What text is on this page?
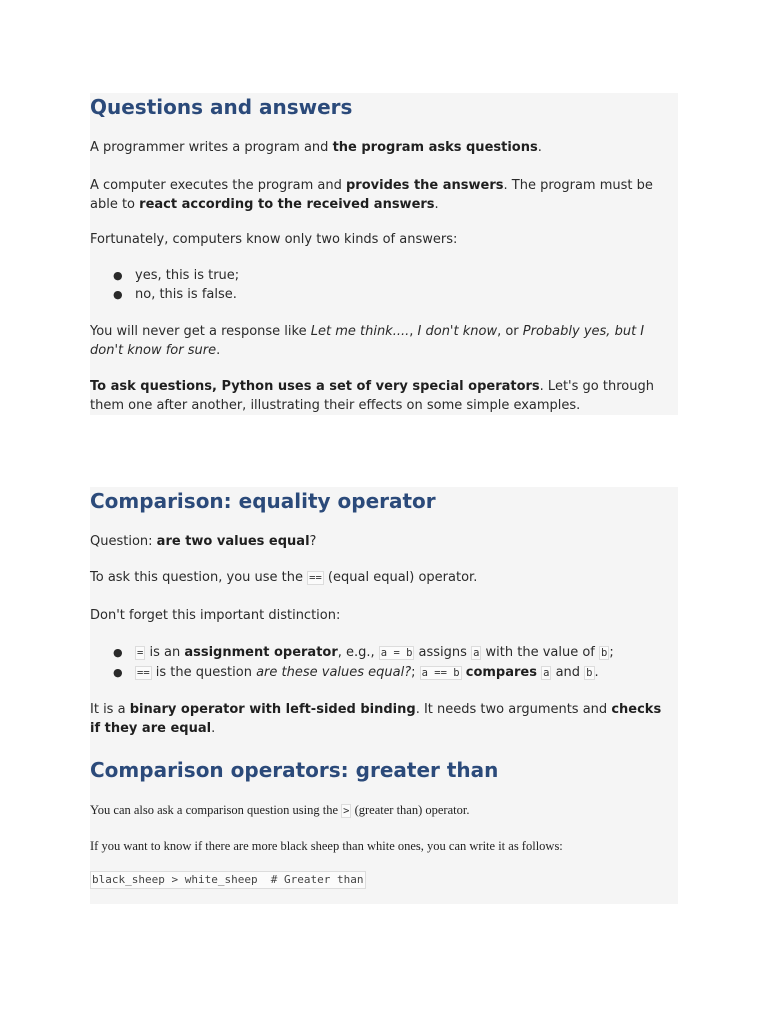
Questions and answers

A programmer writes a program and the program asks questions.

A computer executes the program and provides the answers. The program must be able to react according to the received answers.

Fortunately, computers know only two kinds of answers:

● yes, this is true;
● no, this is false.

You will never get a response like Let me think...., I don't know, or Probably yes, but I don't know for sure.

To ask questions, Python uses a set of very special operators. Let's go through them one after another, illustrating their effects on some simple examples.

Comparison: equality operator

Question: are two values equal?

To ask this question, you use the == (equal equal) operator.

Don't forget this important distinction:

● = is an assignment operator, e.g., a = b assigns a with the value of b ;
● == is the question are these values equal?; a == b compares a and b .

It is a binary operator with left-sided binding. It needs two arguments and checks if they are equal.

Comparison operators: greater than

You can also ask a comparison question using the > (greater than) operator.

If you want to know if there are more black sheep than white ones, you can write it as follows:

black_sheep > white_sheep  # Greater than
